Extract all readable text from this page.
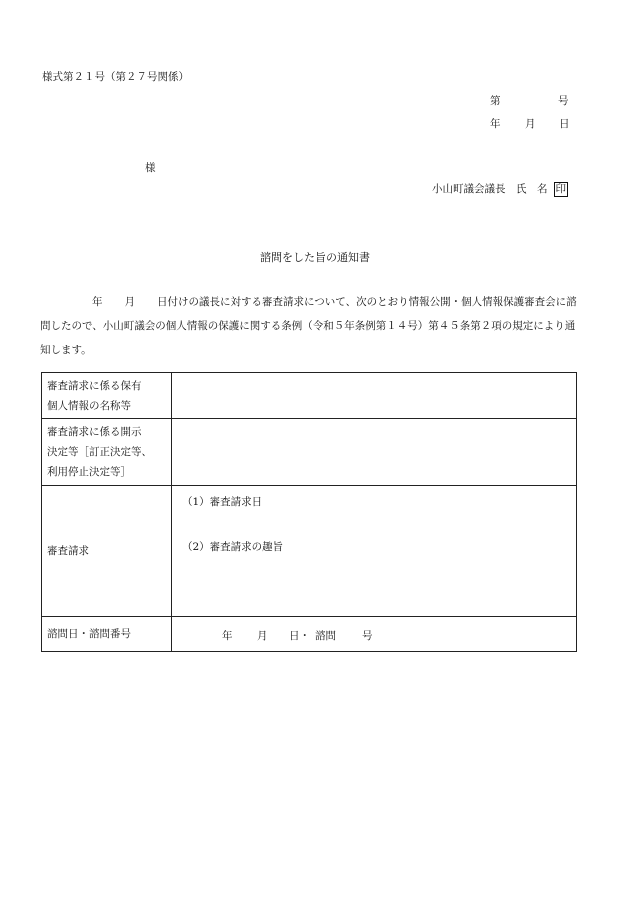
様式第２１号（第２７号関係）
第	号
年 月 日
様
小山町議会議長　氏　名 印
諮問をした旨の通知書
年 月 日付けの議長に対する審査請求について、次のとおり情報公開・個人情報保護審査会に諮問したので、小山町議会の個人情報の保護に関する条例（令和５年条例第１４号）第４５条第２項の規定により通知します。
審査請求に係る保有
個人情報の名称等	

審査請求に係る開示
決定等［訂正決定等、
利用停止決定等］	

審査請求	（1）審査請求日
（2）審査請求の趣旨

諮問日・諮問番号	年 月 日・ 諮問 号
